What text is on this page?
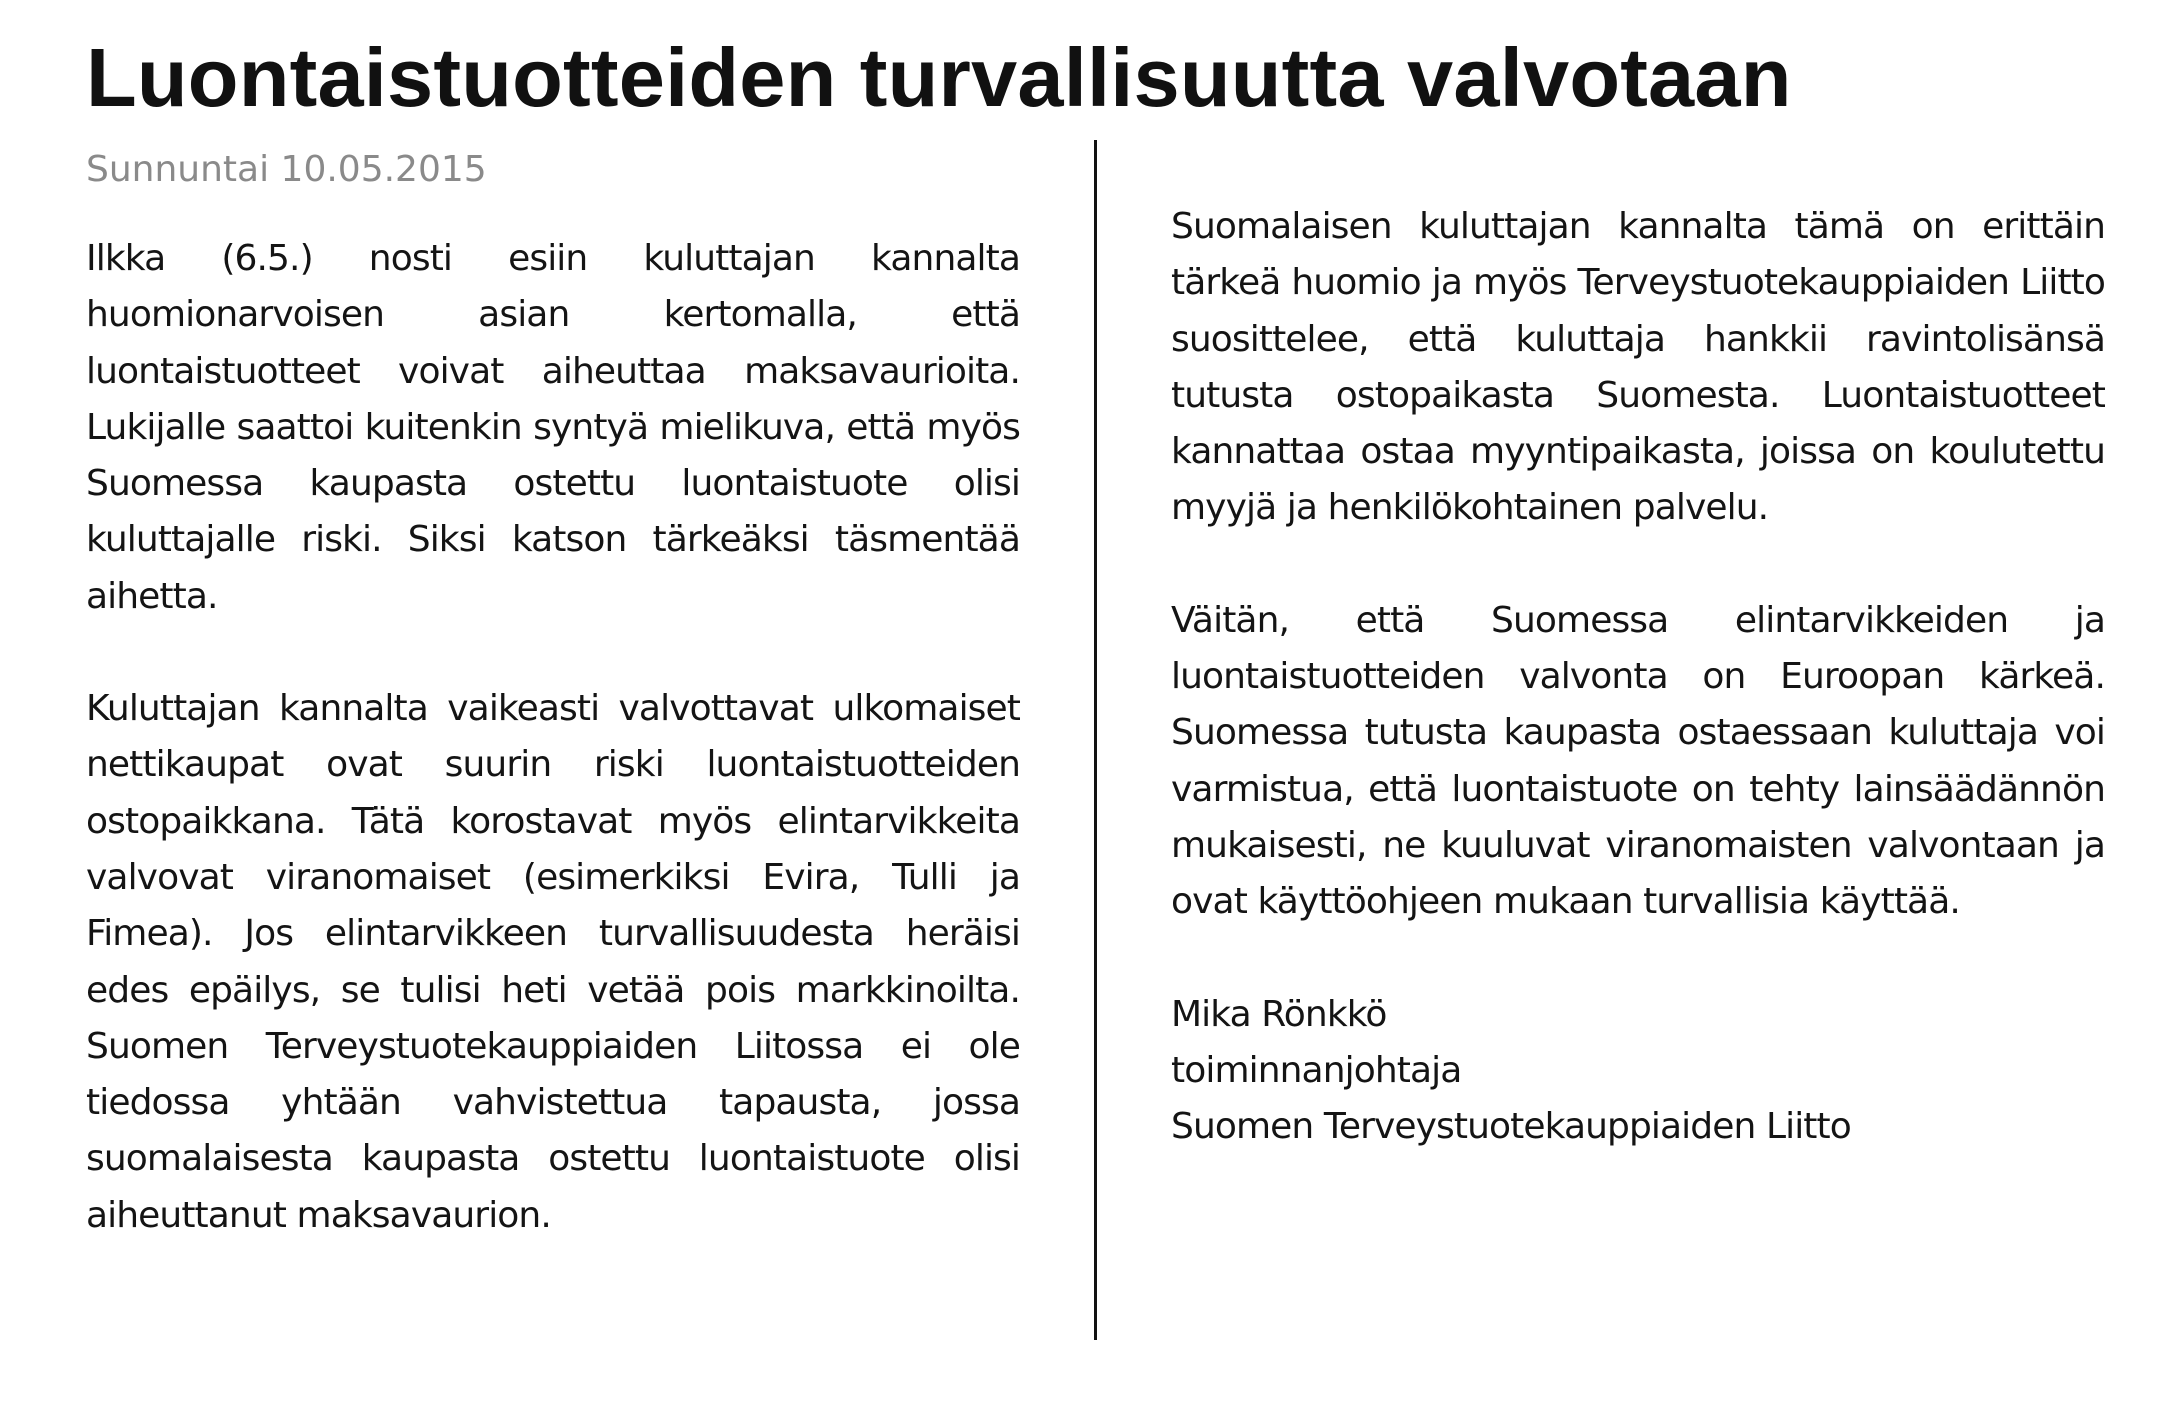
Luontaistuotteiden turvallisuutta valvotaan
Sunnuntai 10.05.2015

Ilkka (6.5.) nosti esiin kuluttajan kannalta huomionarvoisen asian kertomalla, että luontaistuotteet voivat aiheuttaa maksavaurioita. Lukijalle saattoi kuitenkin syntyä mielikuva, että myös Suomessa kaupasta ostettu luontaistuote olisi kuluttajalle riski. Siksi katson tärkeäksi täsmentää aihetta.

Kuluttajan kannalta vaikeasti valvottavat ulkomaiset nettikaupat ovat suurin riski luontaistuotteiden ostopaikkana. Tätä korostavat myös elintarvikkeita valvovat viranomaiset (esimerkiksi Evira, Tulli ja Fimea). Jos elintarvikkeen turvallisuudesta heräisi edes epäilys, se tulisi heti vetää pois markkinoilta. Suomen Terveystuotekauppiaiden Liitossa ei ole tiedossa yhtään vahvistettua tapausta, jossa suomalaisesta kaupasta ostettu luontaistuote olisi aiheuttanut maksavaurion.

Suomalaisen kuluttajan kannalta tämä on erittäin tärkeä huomio ja myös Terveystuotekauppiaiden Liitto suosittelee, että kuluttaja hankkii ravintolisänsä tutusta ostopaikasta Suomesta. Luontaistuotteet kannattaa ostaa myyntipaikasta, joissa on koulutettu myyjä ja henkilökohtainen palvelu.

Väitän, että Suomessa elintarvikkeiden ja luontaistuotteiden valvonta on Euroopan kärkeä. Suomessa tutusta kaupasta ostaessaan kuluttaja voi varmistua, että luontaistuote on tehty lainsäädännön mukaisesti, ne kuuluvat viranomaisten valvontaan ja ovat käyttöohjeen mukaan turvallisia käyttää.

Mika Rönkkö
toiminnanjohtaja
Suomen Terveystuotekauppiaiden Liitto
